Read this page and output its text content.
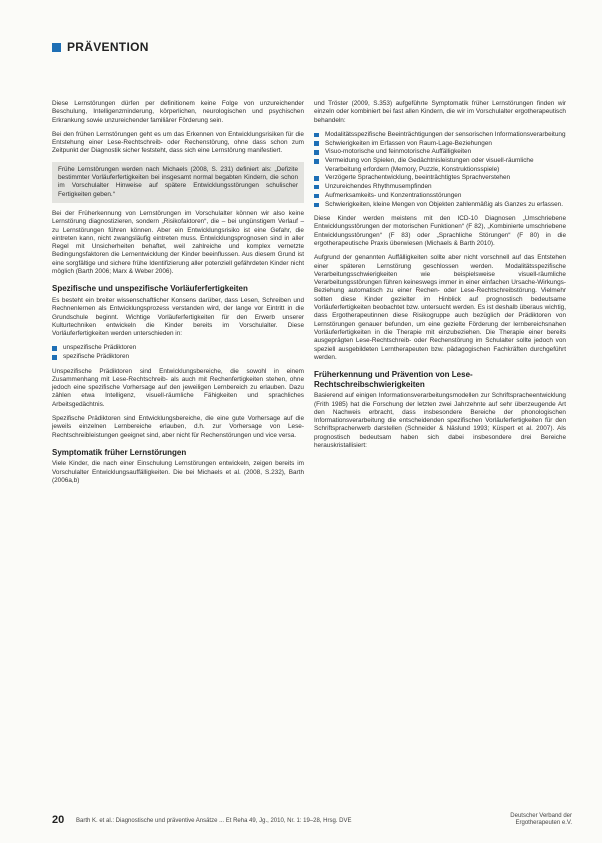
PRÄVENTION

Diese Lernstörungen dürfen per definitionem keine Folge von unzureichender Beschulung, Intelligenzminderung, körperlichen, neurologischen und psychischen Erkrankung sowie unzureichender familiärer Förderung sein.

Bei den frühen Lernstörungen geht es um das Erkennen von Entwicklungsrisiken für die Entstehung einer Lese-Rechtschreib- oder Rechenstörung, ohne dass schon zum Zeitpunkt der Diagnostik sicher feststeht, dass sich eine Lernstörung manifestiert.

Frühe Lernstörungen werden nach Michaels (2008, S. 231) definiert als: „Defizite bestimmter Vorläuferfertigkeiten bei insgesamt normal begabten Kindern, die schon im Vorschulalter Hinweise auf spätere Entwicklungsstörungen schulischer Fertigkeiten geben.“

Bei der Früherkennung von Lernstörungen im Vorschulalter können wir also keine Lernstörung diagnostizieren, sondern „Risikofaktoren“, die – bei ungünstigem Verlauf – zu Lernstörungen führen können. Aber ein Entwicklungsrisiko ist eine Gefahr, die eintreten kann, nicht zwangsläufig eintreten muss. Entwicklungsprognosen sind in aller Regel mit Unsicherheiten behaftet, weil zahlreiche und komplex vernetzte Bedingungsfaktoren die Lernentwicklung der Kinder beeinflussen. Aus diesem Grund ist eine sorgfältige und sichere frühe Identifizierung aller potenziell gefährdeten Kinder nicht möglich (Barth 2006; Marx & Weber 2006).

Spezifische und unspezifische Vorläuferfertigkeiten

Es besteht ein breiter wissenschaftlicher Konsens darüber, dass Lesen, Schreiben und Rechnenlernen als Entwicklungsprozess verstanden wird, der lange vor Eintritt in die Grundschule beginnt. Wichtige Vorläuferfertigkeiten für den Erwerb unserer Kulturtechniken entwickeln die Kinder bereits im Vorschulalter. Diese Vorläuferfertigkeiten werden unterschieden in:

unspezifische Prädiktoren
spezifische Prädiktoren

Unspezifische Prädiktoren sind Entwicklungsbereiche, die sowohl in einem Zusammenhang mit Lese-Rechtschreib- als auch mit Rechenfertigkeiten stehen, ohne jedoch eine spezifische Vorhersage auf den jeweiligen Lernbereich zu erlauben. Dazu zählen etwa Intelligenz, visuell-räumliche Fähigkeiten und sprachliches Arbeitsgedächtnis.

Spezifische Prädiktoren sind Entwicklungsbereiche, die eine gute Vorhersage auf die jeweils einzelnen Lernbereiche erlauben, d.h. zur Vorhersage von Lese-Rechtschreibleistungen geeignet sind, aber nicht für Rechenstörungen und vice versa.

Symptomatik früher Lernstörungen

Viele Kinder, die nach einer Einschulung Lernstörungen entwickeln, zeigen bereits im Vorschulalter Entwicklungsauffälligkeiten. Die bei Michaels et al. (2008, S.232), Barth (2006a,b)

und Tröster (2009, S.353) aufgeführte Symptomatik früher Lernstörungen finden wir einzeln oder kombiniert bei fast allen Kindern, die wir im Vorschulalter ergotherapeutisch behandeln:

Modalitätsspezifische Beeinträchtigungen der sensorischen Informationsverarbeitung
Schwierigkeiten im Erfassen von Raum-Lage-Beziehungen
Visuo-motorische und feinmotorische Auffälligkeiten
Vermeidung von Spielen, die Gedächtnisleistungen oder visuell-räumliche Verarbeitung erfordern (Memory, Puzzle, Konstruktionsspiele)
Verzögerte Sprachentwicklung, beeinträchtigtes Sprachverstehen
Unzureichendes Rhythmusempfinden
Aufmerksamkeits- und Konzentrationsstörungen
Schwierigkeiten, kleine Mengen von Objekten zahlenmäßig als Ganzes zu erfassen.

Diese Kinder werden meistens mit den ICD-10 Diagnosen „Umschriebene Entwicklungsstörungen der motorischen Funktionen“ (F 82), „Kombinierte umschriebene Entwicklungsstörungen“ (F 83) oder „Sprachliche Störungen“ (F 80) in die ergotherapeutische Praxis überwiesen (Michaels & Barth 2010).

Aufgrund der genannten Auffälligkeiten sollte aber nicht vorschnell auf das Entstehen einer späteren Lernstörung geschlossen werden. Modalitätsspezifische Verarbeitungsschwierigkeiten wie beispielsweise visuell-räumliche Verarbeitungsstörungen führen keineswegs immer in einer einfachen Ursache-Wirkungs-Beziehung automatisch zu einer Rechen- oder Lese-Rechtschreibstörung. Vielmehr sollten diese Kinder gezielter im Hinblick auf prognostisch bedeutsame Vorläuferfertigkeiten beobachtet bzw. untersucht werden. Es ist deshalb überaus wichtig, dass Ergotherapeutinnen diese Risikogruppe auch bezüglich der Prädiktoren von Lernstörungen genauer befunden, um eine gezielte Förderung der lernbereichsnahen Vorläuferfertigkeiten in die Therapie mit einzubeziehen. Die Therapie einer bereits ausgeprägten Lese-Rechtschreib- oder Rechenstörung im Schulalter sollte jedoch von speziell ausgebildeten Lerntherapeuten bzw. pädagogischen Fachkräften durchgeführt werden.

Früherkennung und Prävention von Lese-Rechtschreibschwierigkeiten

Basierend auf einigen Informationsverarbeitungsmodellen zur Schriftspracheentwicklung (Frith 1985) hat die Forschung der letzten zwei Jahrzehnte auf sehr überzeugende Art den Nachweis erbracht, dass insbesondere Bereiche der phonologischen Informationsverarbeitung die entscheidenden spezifischen Vorläuferfertigkeiten für den Schriftspracherwerb darstellen (Schneider & Näslund 1993; Küspert et al. 2007). Als prognostisch bedeutsam haben sich dabei insbesondere drei Bereiche herauskristallisiert:

20 Barth K. et al.: Diagnostische und präventive Ansätze ... Et Reha 49, Jg., 2010, Nr. 1: 19–28, Hrsg. DVE
Deutscher Verband der
Ergotherapeuten e.V.
